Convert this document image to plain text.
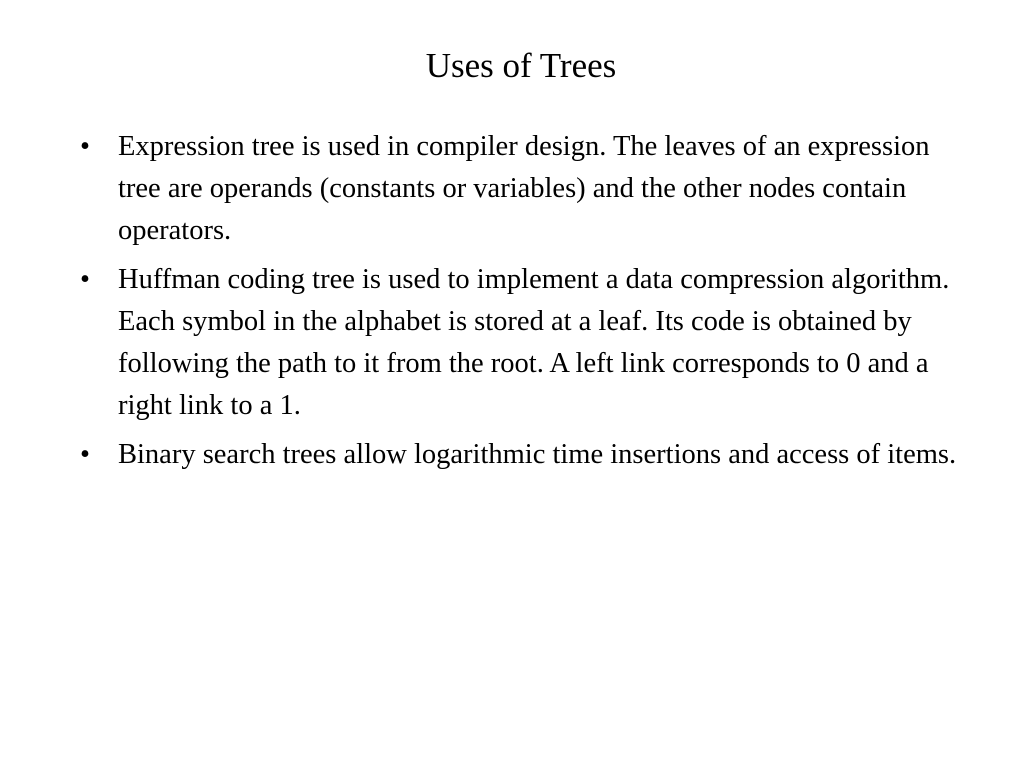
Uses of Trees
• Expression tree is used in compiler design. The leaves of an expression tree are operands (constants or variables) and the other nodes contain operators.
• Huffman coding tree is used to implement a data compression algorithm. Each symbol in the alphabet is stored at a leaf. Its code is obtained by following the path to it from the root. A left link corresponds to 0 and a right link to a 1.
• Binary search trees allow logarithmic time insertions and access of items.
